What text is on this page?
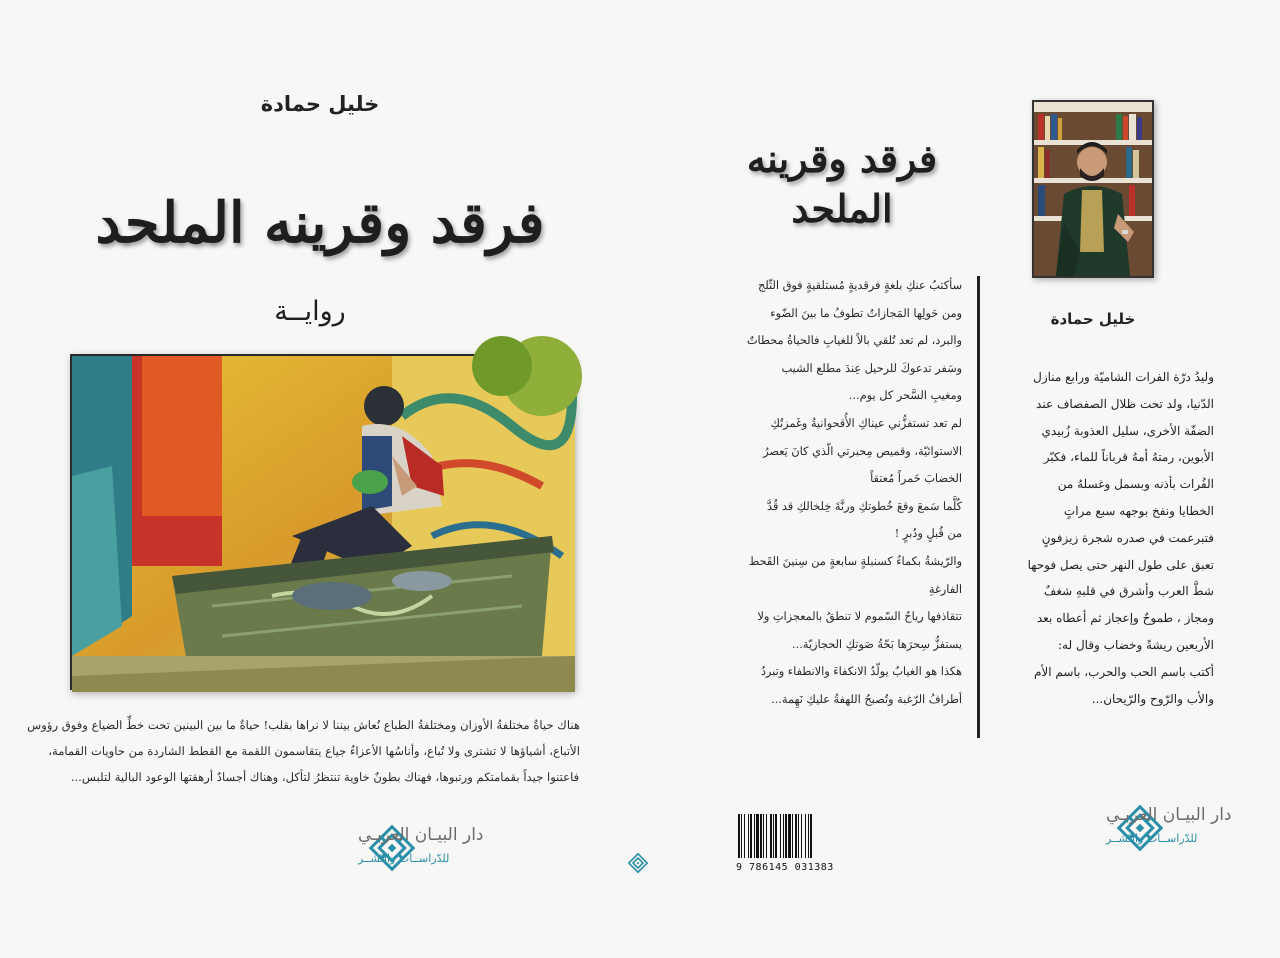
خليل حمادة
فرقد وقرينه الملحد
روايــة

هناك حياةٌ مختلفةُ الأوزان ومختلفةُ الطباع نُعاش بيننا لا نراها بقلب! حياةٌ ما بين البينين تحت خطِّ الضياع وفوق رؤوس

الأتباع، أشياؤها لا تشترى ولا تُباع، وأناسُها الأعزاءُ جياع يتقاسمون اللقمة مع القطط الشاردة من حاويات القمامة،

فاعتنوا جيداً بقمامتكم ورتبوها، فهناك بطونٌ خاوية تنتظرُ لتأكل، وهناك أجسادٌ أرهقتها الوعود البالية لتلبس...

دار البيـان العربـي
للدّراســات والنّشــر

فرقد وقرينه

الملحد

سأكتبُ عنكِ بلغةٍ فرقديةٍ مُستلقيةٍ فوق الثّلج

ومن حَولِها المَجازاتُ تطوفُ ما بينَ الضّوء

والبرد، لم تعد تُلقي بالاً للغيابِ فالحياةُ محطاتٌ

وسَفر تدعوكَ للرحيل عِندَ مطلع الشيب

ومغيبِ السَّحر كل يوم...

لم تعد تستفزُّني عيناكِ الأُقحوانيةُ وغَمزتُكِ

الاستوائيّة، وقميص مِحبرتي الّذي كانَ يَعصرُ

الخضابَ خَمراً مُعتقاً

كُلَّما سَمعَ وقعَ خُطوتكِ ورنَّةَ خِلخالكِ قد قُدَّ

من قُبلٍ ودُبرٍ !

والرّيشةُ بكماءُ كسنبلةٍ سابعةٍ من سِنينَ القَحط

الفارغةِ

تتقاذفها رياحُ السّموم لا تنطقُ بالمعجزاتِ ولا

يستفزُّ سِحرَها بَحّةُ صَوتكِ الحجازيّة...

هكذا هو الغيابُ يولّدُ الانكفاءَ والانطفاء وتبردُ

أطرافُ الرّغبة وتُصبحُ اللهفةُ عليكِ نَهِمة...

9 786145 031383
خليل حمادة

وليدُ درّة الفرات الشاميّة ورابع منازل

الدّنيا، ولد تحت ظلال الصفصاف عند

الضفّة الأخرى، سليل العذوبة زُبيدي

الأبوين، رمتهُ أمهُ قرباناً للماء، فكبّر

الفُرات بأذنه وبسمل وغسلهُ من

الخطايا ونفخ بوجهه سبع مراتٍ

فتبرعمت في صدره شجرة زيزفونٍ

تعبق على طول النهر حتى يصل فوحها

شطَّ العرب وأشرق في قلبهِ شغفٌ

ومجاز ، طموحٌ وإعجاز ثم أعطاه بعد

الأربعين ريشةً وخضاب وقال له:

أكتب باسم الحب والحرب، باسم الأم

والأب والرّوح والرّيحان...

دار البيـان العربـي
للدّراســات والنّشــر
